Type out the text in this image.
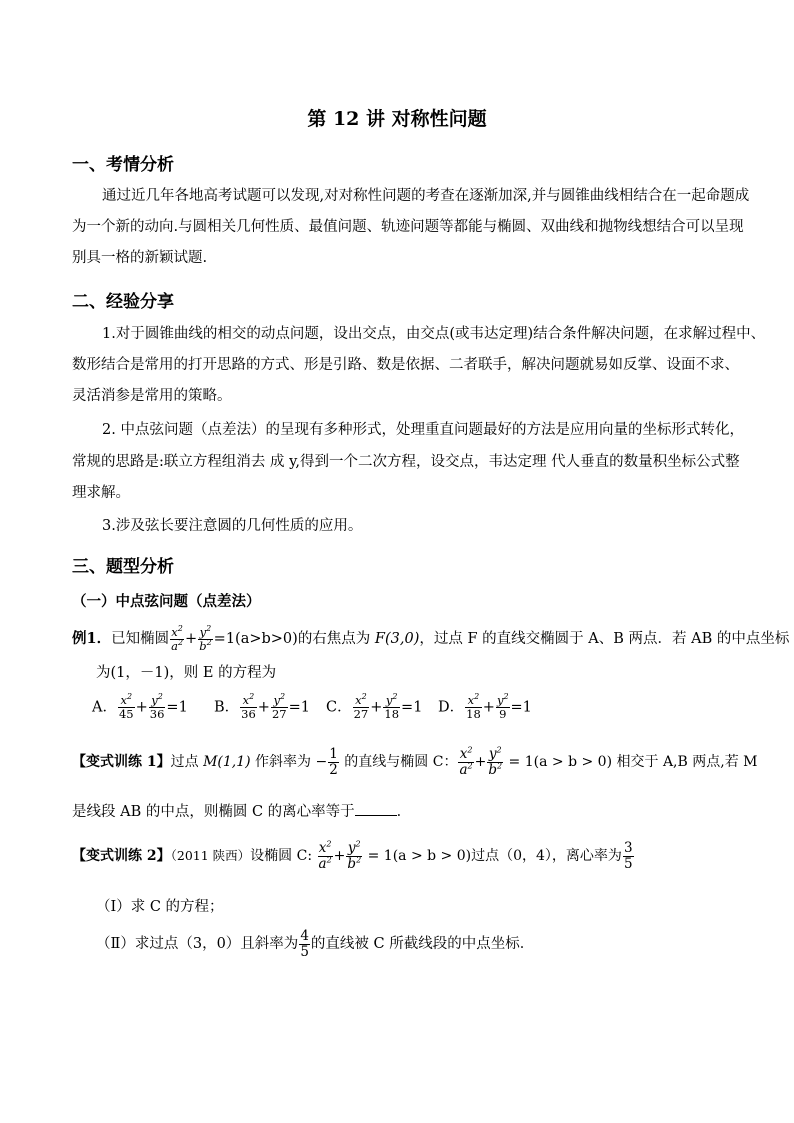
第 12 讲 对称性问题
一、考情分析
通过近几年各地高考试题可以发现,对对称性问题的考查在逐渐加深,并与圆锥曲线相结合在一起命题成
为一个新的动向.与圆相关几何性质、最值问题、轨迹问题等都能与椭圆、双曲线和抛物线想结合可以呈现
别具一格的新颖试题.
二、经验分享
1.对于圆锥曲线的相交的动点问题，设出交点，由交点(或韦达定理)结合条件解决问题，在求解过程中、
数形结合是常用的打开思路的方式、形是引路、数是依据、二者联手，解决问题就易如反掌、设面不求、
灵活消参是常用的策略。
2. 中点弦问题（点差法）的呈现有多种形式，处理重直问题最好的方法是应用向量的坐标形式转化，
常规的思路是:联立方程组消去 成 y,得到一个二次方程，设交点，韦达定理 代人垂直的数量积坐标公式整
理求解。
3.涉及弦长要注意圆的几何性质的应用。
三、题型分析
（一）中点弦问题（点差法）
例1．已知椭圆 $\frac{x^2}{a^2} + \frac{y^2}{b^2} =1(a>b>0)$的右焦点为 F(3,0)，过点 F 的直线交椭圆于 A、B 两点．若 AB 的中点坐标
为(1，－1)，则 E 的方程为
A． $\frac{x^2}{45} + \frac{y^2}{36} =1$ B． $\frac{x^2}{36} + \frac{y^2}{27} =1$ C． $\frac{x^2}{27} + \frac{y^2}{18} =1$ D． $\frac{x^2}{18} + \frac{y^2}{9} =1$
【变式训练 1】过点 M(1,1) 作斜率为 − $\frac{1}{2}$ 的直线与椭圆 C： $\frac{x^2}{a^2} + \frac{y^2}{b^2} = 1(a > b > 0)$ 相交于 A,B 两点,若 M
是线段 AB 的中点，则椭圆 C 的离心率等于	．
【变式训练 2】（2011 陕西）设椭圆 C: $\frac{x^2}{a^2} + \frac{y^2}{b^2} = 1(a > b > 0)$过点（0，4），离心率为 $\frac{3}{5}$
（Ⅰ）求 C 的方程；
（Ⅱ）求过点（3，0）且斜率为 $\frac{4}{5}$ 的直线被 C 所截线段的中点坐标．
